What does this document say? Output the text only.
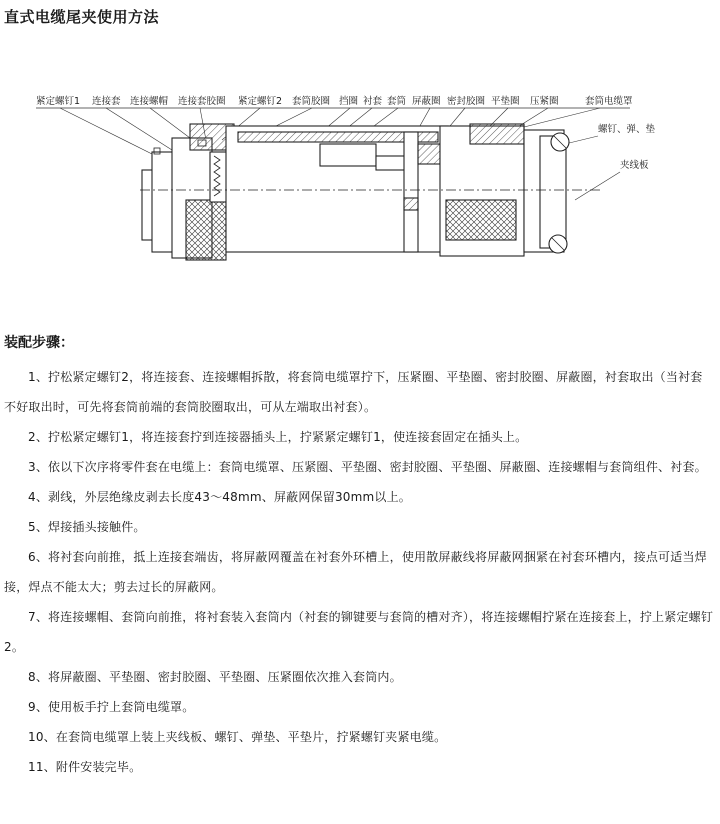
直式电缆尾夹使用方法
紧定螺钉1 连接套 连接螺帽 连接套胶圈 紧定螺钉2 套筒胶圈 挡圈 衬套 套筒 屏蔽圈 密封胶圈 平垫圈 压紧圈	套筒电缆罩
螺钉、弹、垫
夹线板
装配步骤：

1、拧松紧定螺钉2，将连接套、连接螺帽拆散，将套筒电缆罩拧下，压紧圈、平垫圈、密封胶圈、屏蔽圈，衬套取出（当衬套不好取出时，可先将套筒前端的套筒胶圈取出，可从左端取出衬套）。

2、拧松紧定螺钉1，将连接套拧到连接器插头上，拧紧紧定螺钉1，使连接套固定在插头上。

3、依以下次序将零件套在电缆上：套筒电缆罩、压紧圈、平垫圈、密封胶圈、平垫圈、屏蔽圈、连接螺帽与套筒组件、衬套。

4、剥线，外层绝缘皮剥去长度43～48mm、屏蔽网保留30mm以上。

5、焊接插头接触件。

6、将衬套向前推，抵上连接套端齿，将屏蔽网覆盖在衬套外环槽上，使用散屏蔽线将屏蔽网捆紧在衬套环槽内，接点可适当焊接，焊点不能太大；剪去过长的屏蔽网。

7、将连接螺帽、套筒向前推，将衬套装入套筒内（衬套的铆键要与套筒的槽对齐），将连接螺帽拧紧在连接套上，拧上紧定螺钉2。

8、将屏蔽圈、平垫圈、密封胶圈、平垫圈、压紧圈依次推入套筒内。

9、使用板手拧上套筒电缆罩。

10、在套筒电缆罩上装上夹线板、螺钉、弹垫、平垫片，拧紧螺钉夹紧电缆。

11、附件安装完毕。
